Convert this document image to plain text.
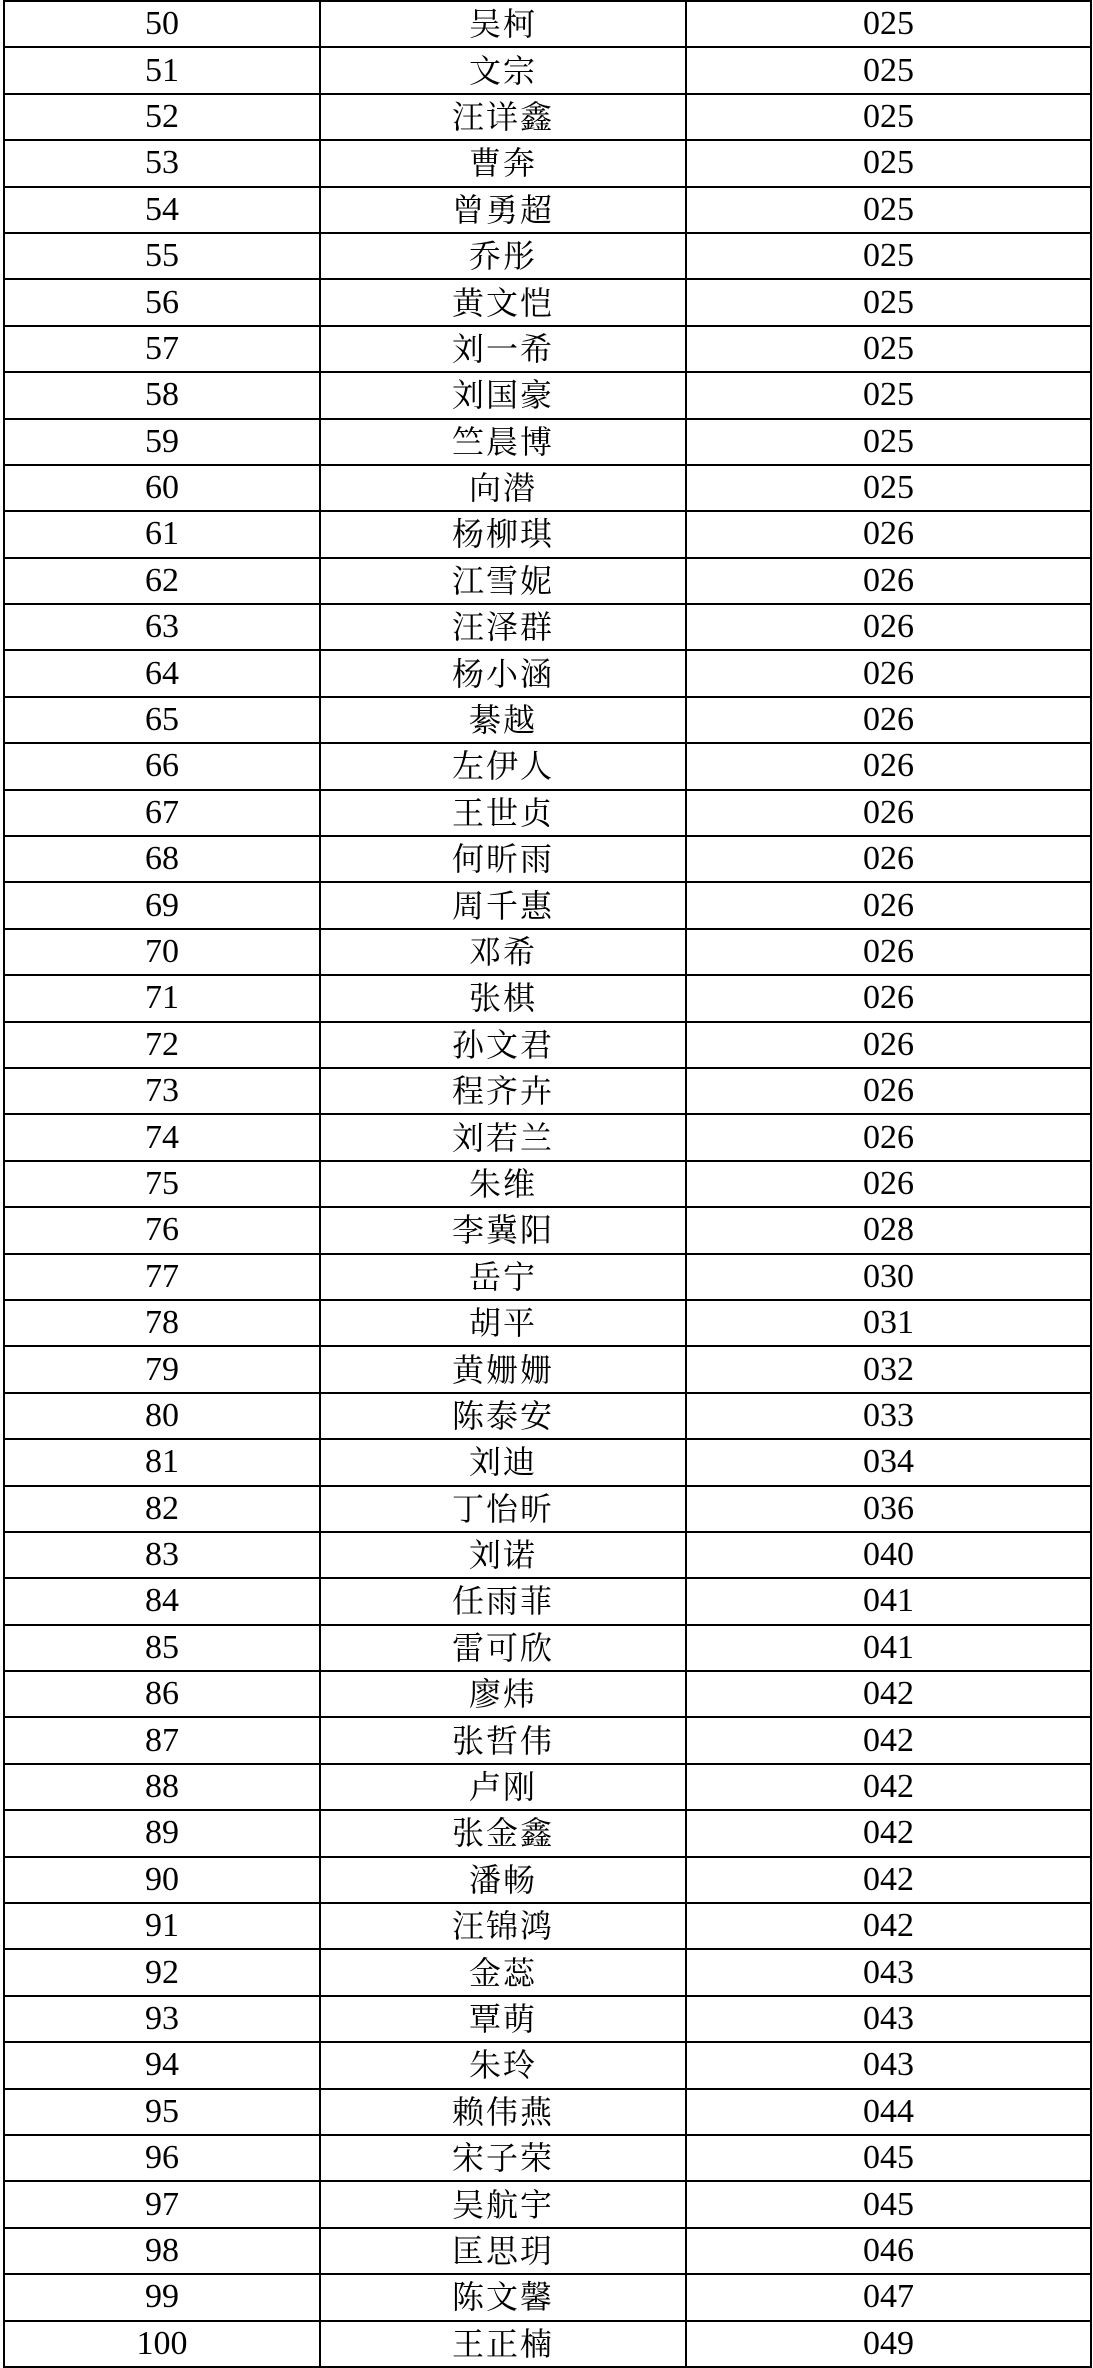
50	吴柯	025
51	文宗	025
52	汪详鑫	025
53	曹奔	025
54	曾勇超	025
55	乔彤	025
56	黄文恺	025
57	刘一希	025
58	刘国豪	025
59	竺晨博	025
60	向潜	025
61	杨柳琪	026
62	江雪妮	026
63	汪泽群	026
64	杨小涵	026
65	綦越	026
66	左伊人	026
67	王世贞	026
68	何昕雨	026
69	周千惠	026
70	邓希	026
71	张棋	026
72	孙文君	026
73	程齐卉	026
74	刘若兰	026
75	朱维	026
76	李冀阳	028
77	岳宁	030
78	胡平	031
79	黄姗姗	032
80	陈泰安	033
81	刘迪	034
82	丁怡昕	036
83	刘诺	040
84	任雨菲	041
85	雷可欣	041
86	廖炜	042
87	张哲伟	042
88	卢刚	042
89	张金鑫	042
90	潘畅	042
91	汪锦鸿	042
92	金蕊	043
93	覃萌	043
94	朱玲	043
95	赖伟燕	044
96	宋子荣	045
97	吴航宇	045
98	匡思玥	046
99	陈文馨	047
100	王正楠	049
